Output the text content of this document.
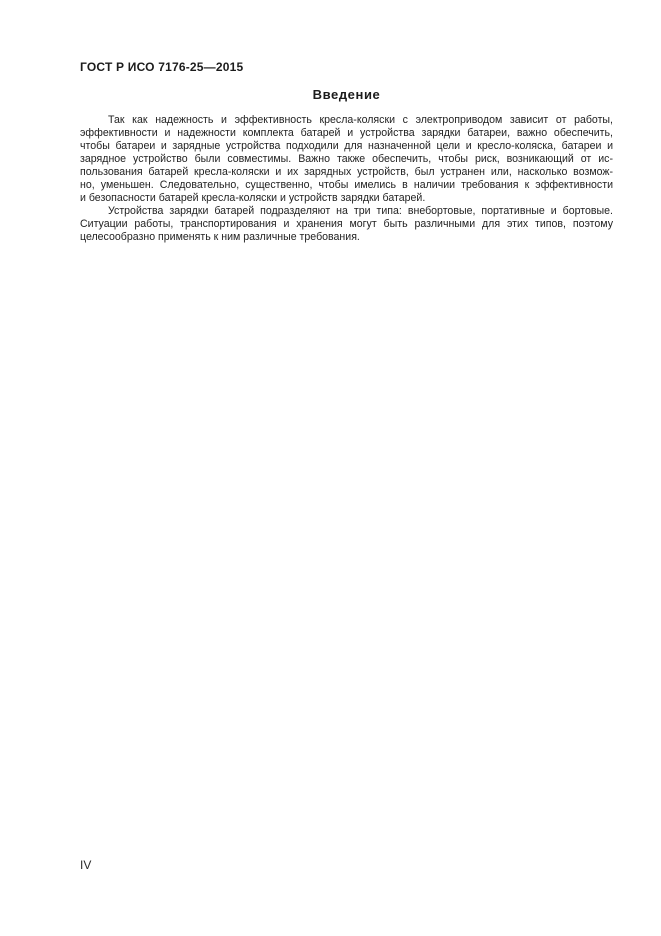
ГОСТ Р ИСО 7176-25—2015
Введение
Так как надежность и эффективность кресла-коляски с электроприводом зависит от работы,
эффективности и надежности комплекта батарей и устройства зарядки батареи, важно обеспечить,
чтобы батареи и зарядные устройства подходили для назначенной цели и кресло-коляска, батареи и
зарядное устройство были совместимы. Важно также обеспечить, чтобы риск, возникающий от ис-
пользования батарей кресла-коляски и их зарядных устройств, был устранен или, насколько возмож-
но, уменьшен. Следовательно, существенно, чтобы имелись в наличии требования к эффективности
и безопасности батарей кресла-коляски и устройств зарядки батарей.
Устройства зарядки батарей подразделяют на три типа: внебортовые, портативные и бортовые.
Ситуации работы, транспортирования и хранения могут быть различными для этих типов, поэтому
целесообразно применять к ним различные требования.
IV
